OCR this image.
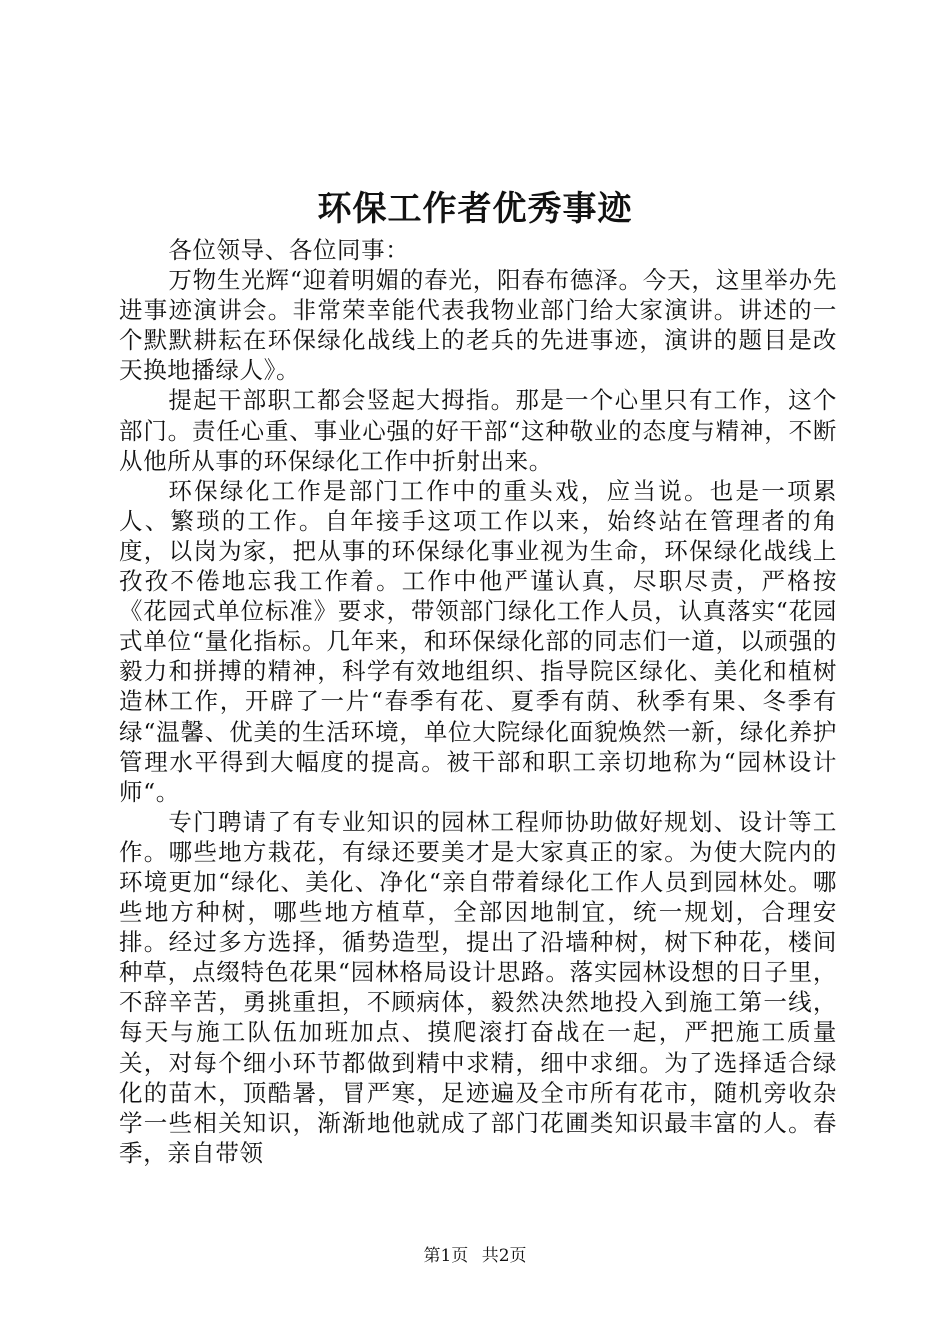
环保工作者优秀事迹

各位领导、各位同事：

万物生光辉“迎着明媚的春光，阳春布德泽。今天，这里举办先进事迹演讲会。非常荣幸能代表我物业部门给大家演讲。讲述的一个默默耕耘在环保绿化战线上的老兵的先进事迹，演讲的题目是改天换地播绿人》。

提起干部职工都会竖起大拇指。那是一个心里只有工作，这个部门。责任心重、事业心强的好干部“这种敬业的态度与精神，不断从他所从事的环保绿化工作中折射出来。

环保绿化工作是部门工作中的重头戏，应当说。也是一项累人、繁琐的工作。自年接手这项工作以来，始终站在管理者的角度，以岗为家，把从事的环保绿化事业视为生命，环保绿化战线上孜孜不倦地忘我工作着。工作中他严谨认真，尽职尽责，严格按《花园式单位标准》要求，带领部门绿化工作人员，认真落实“花园式单位“量化指标。几年来，和环保绿化部的同志们一道，以顽强的毅力和拼搏的精神，科学有效地组织、指导院区绿化、美化和植树造林工作，开辟了一片“春季有花、夏季有荫、秋季有果、冬季有绿“温馨、优美的生活环境，单位大院绿化面貌焕然一新，绿化养护管理水平得到大幅度的提高。被干部和职工亲切地称为“园林设计师“。

专门聘请了有专业知识的园林工程师协助做好规划、设计等工作。哪些地方栽花，有绿还要美才是大家真正的家。为使大院内的环境更加“绿化、美化、净化“亲自带着绿化工作人员到园林处。哪些地方种树，哪些地方植草，全部因地制宜，统一规划，合理安排。经过多方选择，循势造型，提出了沿墙种树，树下种花，楼间种草，点缀特色花果“园林格局设计思路。落实园林设想的日子里，不辞辛苦，勇挑重担，不顾病体，毅然决然地投入到施工第一线，每天与施工队伍加班加点、摸爬滚打奋战在一起，严把施工质量关，对每个细小环节都做到精中求精，细中求细。为了选择适合绿化的苗木，顶酷暑，冒严寒，足迹遍及全市所有花市，随机旁收杂学一些相关知识，渐渐地他就成了部门花圃类知识最丰富的人。春季，亲自带领

第1页 共2页
